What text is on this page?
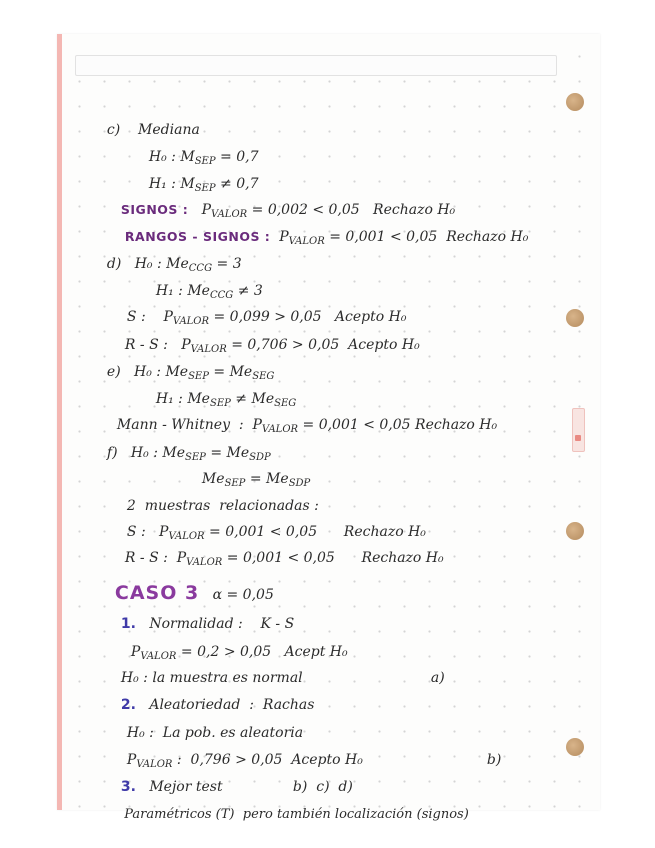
c) Mediana

H₀ : $M_{SEP} = 0,7$

H₁ : $M_{SEP} \ne 0,7$

SIGNOS : $P_{VALOR} = 0,002 < 0,05$   Rechazo H₀

RANGOS - SIGNOS : $P_{VALOR} = 0,001 < 0,05$  Rechazo H₀

d) H₀ : $Me_{CCG} = 3$

H₁ : $Me_{CCG} \ne 3$

S : $P_{VALOR} = 0,099 > 0,05$   Acepto H₀

R - S : $P_{VALOR} = 0,706 > 0,05$  Acepto H₀

e) H₀ : $Me_{SEP} = Me_{SEG}$

H₁ : $Me_{SEP} \ne Me_{SEG}$

Mann - Whitney  : $P_{VALOR} = 0,001 < 0,05$ Rechazo H₀

f) H₀ : $Me_{SEP} = Me_{SDP}$

$Me_{SEP} = Me_{SDP}$

2  muestras  relacionadas :

S : $P_{VALOR} = 0,001 < 0,05$      Rechazo H₀

R - S : $P_{VALOR} = 0,001 < 0,05$      Rechazo H₀

CASO 3 α = 0,05

1. Normalidad :    K - S

$P_{VALOR} = 0,2 > 0,05$   Acept H₀

H₀ : la muestra es normal	a)

2. Aleatoriedad  :  Rachas

H₀ :  La pob. es aleatoria

$P_{VALOR}$ :  0,796 > 0,05  Acepto H₀	b)

3. Mejor test	b)  c)  d)

Paramétricos (T)  pero también localización (signos)
